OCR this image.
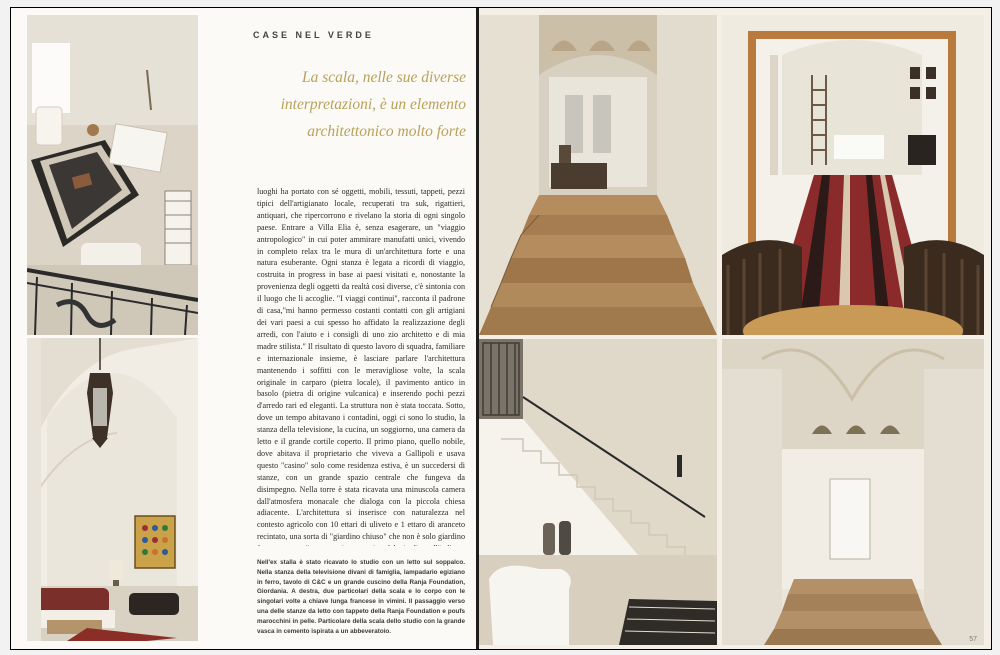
CASE NEL VERDE
La scala, nelle sue diverse interpretazioni, è un elemento architettonico molto forte

luoghi ha portato con sé oggetti, mobili, tessuti, tappeti, pezzi tipici dell'artigianato locale, recuperati tra suk, rigattieri, antiquari, che ripercorrono e rivelano la storia di ogni singolo paese. Entrare a Villa Elia è, senza esagerare, un "viaggio antropologico" in cui poter ammirare manufatti unici, vivendo in completo relax tra le mura di un'architettura forte e una natura esuberante. Ogni stanza è legata a ricordi di viaggio, costruita in progress in base ai paesi visitati e, nonostante la provenienza degli oggetti da realtà così diverse, c'è sintonia con il luogo che li accoglie. "I viaggi continui", racconta il padrone di casa,"mi hanno permesso costanti contatti con gli artigiani dei vari paesi a cui spesso ho affidato la realizzazione degli arredi, con l'aiuto e i consigli di uno zio architetto e di mia madre stilista." Il risultato di questo lavoro di squadra, familiare e internazionale insieme, è lasciare parlare l'architettura mantenendo i soffitti con le meravigliose volte, la scala originale in carparo (pietra locale), il pavimento antico in basolo (pietra di origine vulcanica) e inserendo pochi pezzi d'arredo rari ed eleganti. La struttura non è stata toccata. Sotto, dove un tempo abitavano i contadini, oggi ci sono lo studio, la stanza della televisione, la cucina, un soggiorno, una camera da letto e il grande cortile coperto. Il primo piano, quello nobile, dove abitava il proprietario che viveva a Gallipoli e usava questo "casino" solo come residenza estiva, è un succedersi di stanze, con un grande spazio centrale che fungeva da disimpegno. Nella torre è stata ricavata una minuscola camera dall'atmosfera monacale che dialoga con la piccola chiesa adiacente. L'architettura si inserisce con naturalezza nel contesto agricolo con 10 ettari di uliveto e 1 ettaro di aranceto recintato, una sorta di "giardino chiuso" che non è solo giardino

Nell'ex stalla è stato ricavato lo studio con un letto sul soppalco. Nella stanza della televisione divani di famiglia, lampadario egiziano in ferro, tavolo di C&C e un grande cuscino della Ranja Foundation, Giordania. A destra, due particolari della scala e lo corpo con le singolari volte a chiave lunga francese in vimini. Il passaggio verso una delle stanze da letto con tappeto della Ranja Foundation e poufs marocchini in pelle. Particolare della scala dello studio con la grande vasca in cemento ispirata a un abbeveratoio.

57
